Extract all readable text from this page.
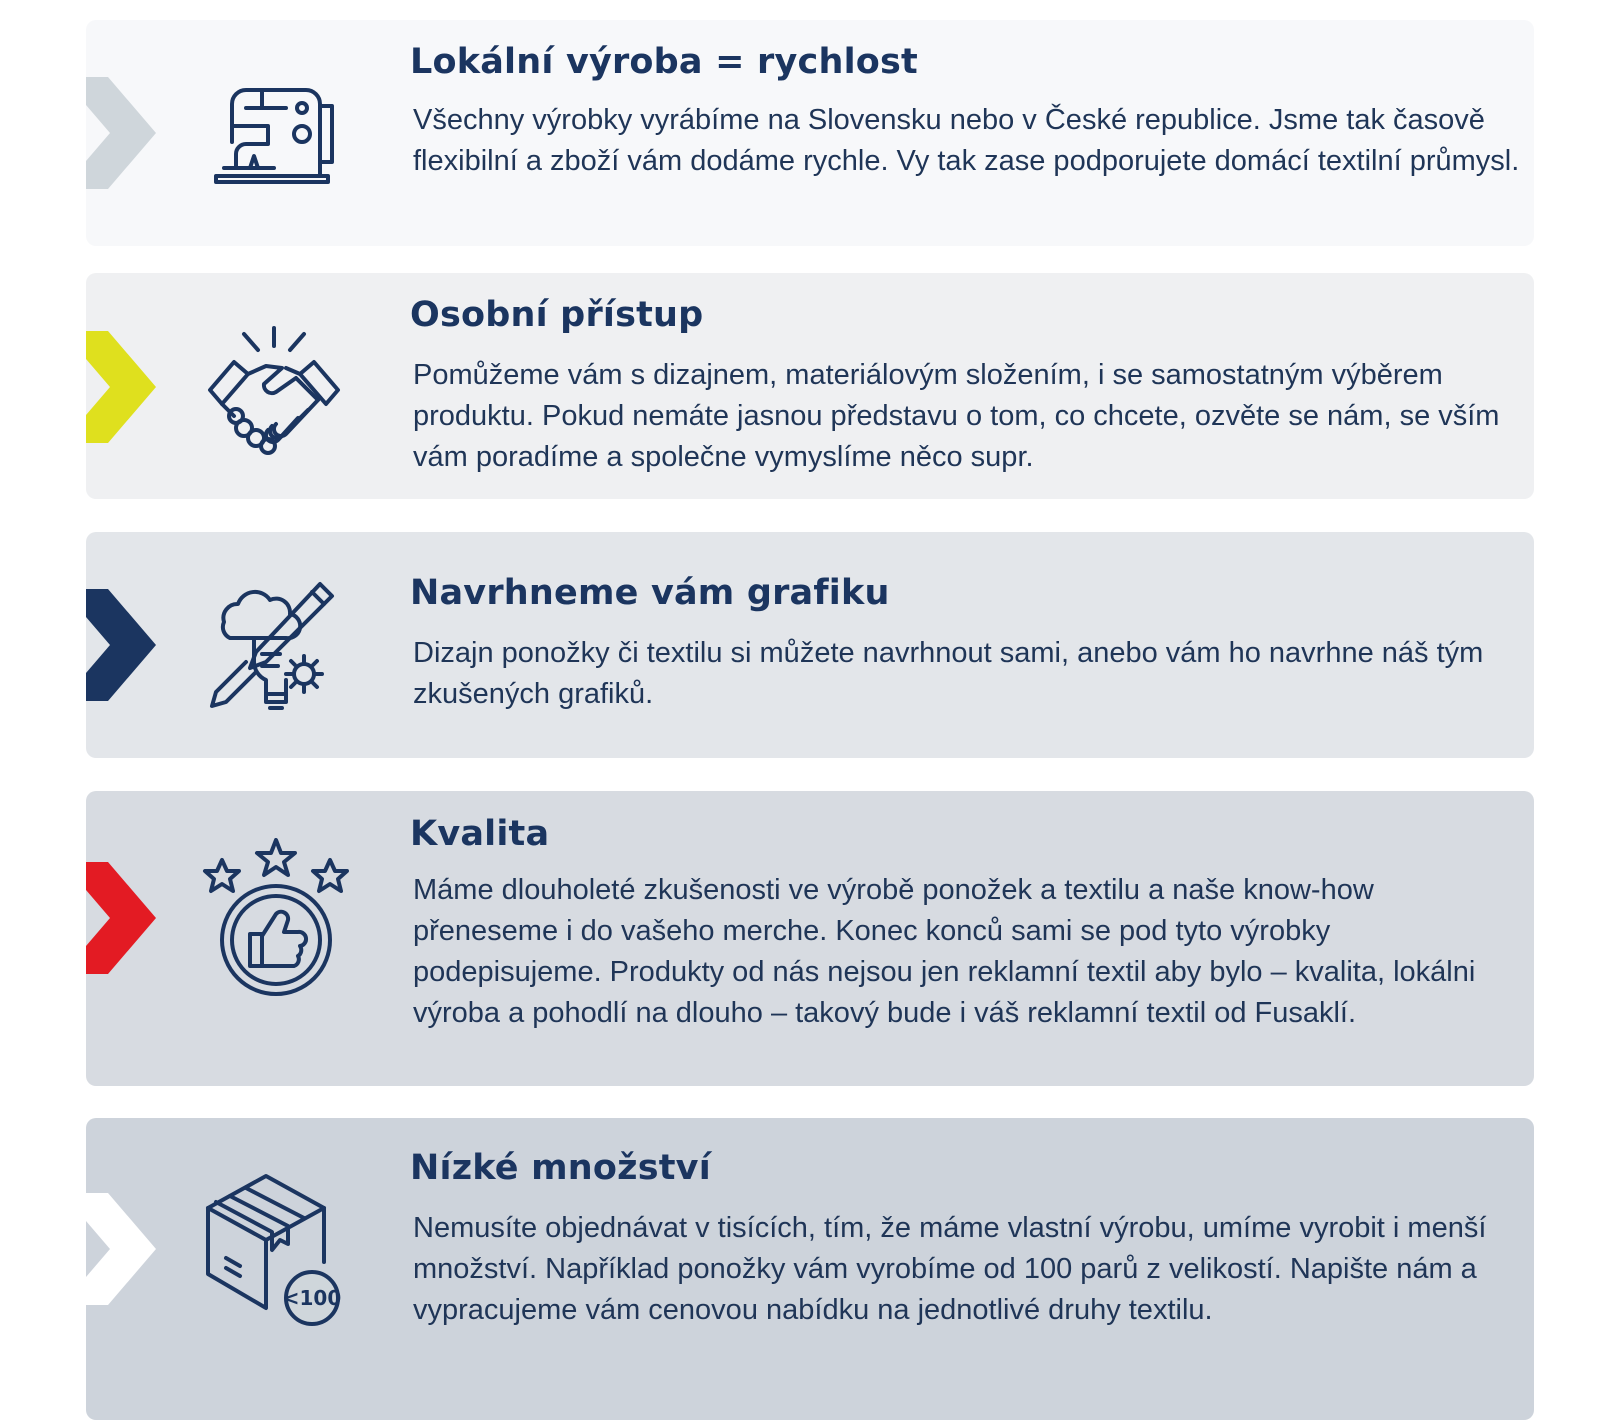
Lokální výroba = rychlost

Všechny výrobky vyrábíme na Slovensku nebo v České republice. Jsme tak časově flexibilní a zboží vám dodáme rychle. Vy tak zase podporujete domácí textilní průmysl.

Osobní přístup

Pomůžeme vám s dizajnem, materiálovým složením, i se samostatným výběrem produktu. Pokud nemáte jasnou představu o tom, co chcete, ozvěte se nám, se vším vám poradíme a společne vymyslíme něco supr.

Navrhneme vám grafiku

Dizajn ponožky či textilu si můžete navrhnout sami, anebo vám ho navrhne náš tým zkušených grafiků.

Kvalita

Máme dlouholeté zkušenosti ve výrobě ponožek a textilu a naše know-how přeneseme i do vašeho merche. Konec konců sami se pod tyto výrobky podepisujeme. Produkty od nás nejsou jen reklamní textil aby bylo – kvalita, lokálni výroba a pohodlí na dlouho – takový bude i váš reklamní textil od Fusaklí.

<100
Nízké množství

Nemusíte objednávat v tisících, tím, že máme vlastní výrobu, umíme vyrobit i menší množství. Například ponožky vám vyrobíme od 100 parů z velikostí. Napište nám a vypracujeme vám cenovou nabídku na jednotlivé druhy textilu.
